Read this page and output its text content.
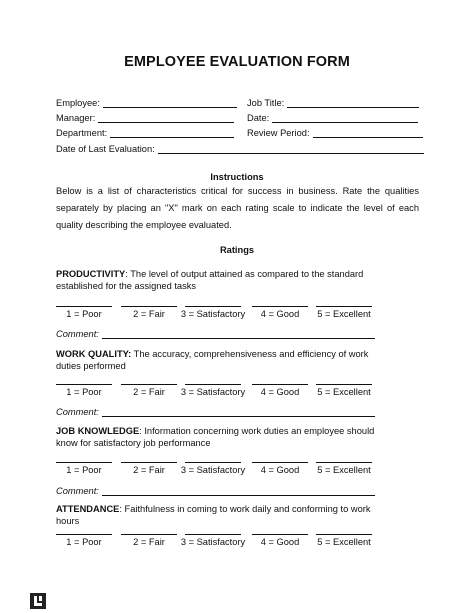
EMPLOYEE EVALUATION FORM
Employee:	Job Title:
Manager:	Date:
Department:	Review Period:
Date of Last Evaluation:
Instructions
Below is a list of characteristics critical for success in business. Rate the qualities separately by placing an "X" mark on each rating scale to indicate the level of each quality describing the employee evaluated.
Ratings
PRODUCTIVITY: The level of output attained as compared to the standard established for the assigned tasks
1 = Poor	2 = Fair	3 = Satisfactory	4 = Good	5 = Excellent
Comment:
WORK QUALITY: The accuracy, comprehensiveness and efficiency of work duties performed
1 = Poor	2 = Fair	3 = Satisfactory	4 = Good	5 = Excellent
Comment:
JOB KNOWLEDGE: Information concerning work duties an employee should know for satisfactory job performance
1 = Poor	2 = Fair	3 = Satisfactory	4 = Good	5 = Excellent
Comment:
ATTENDANCE: Faithfulness in coming to work daily and conforming to work hours
1 = Poor	2 = Fair	3 = Satisfactory	4 = Good	5 = Excellent
